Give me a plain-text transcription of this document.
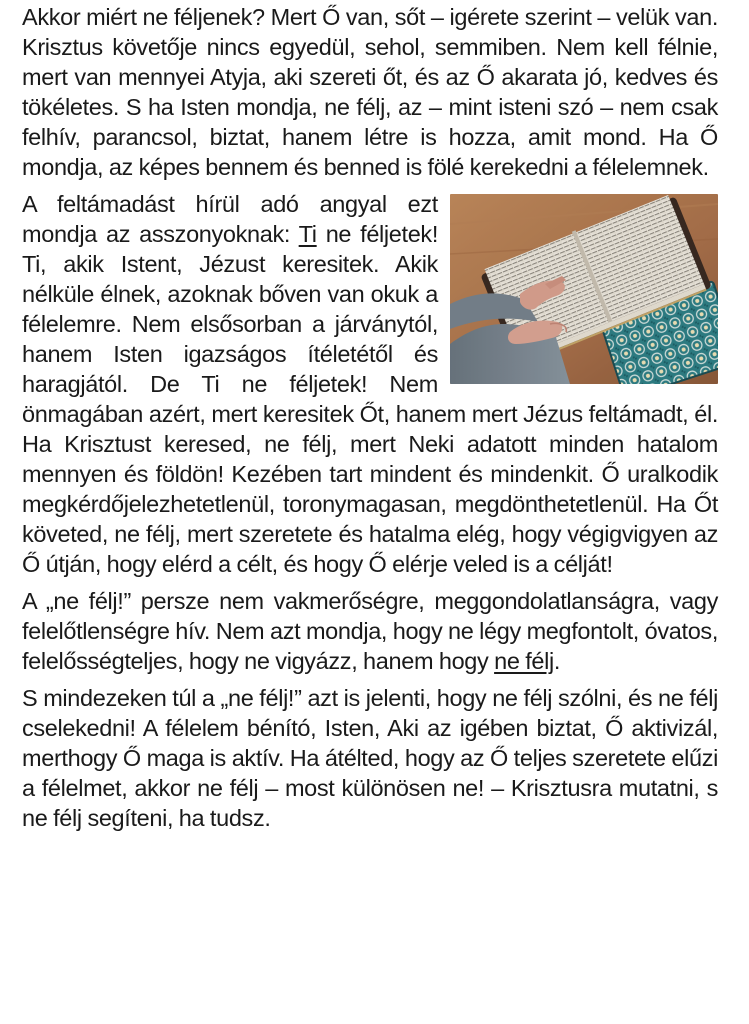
Akkor miért ne féljenek? Mert Ő van, sőt – igérete szerint – velük van. Krisztus követője nincs egyedül, sehol, semmiben. Nem kell félnie, mert van mennyei Atyja, aki szereti őt, és az Ő akarata jó, kedves és tökéletes. S ha Isten mondja, ne félj, az – mint isteni szó – nem csak felhív, parancsol, biztat, hanem létre is hozza, amit mond. Ha Ő mondja, az képes bennem és benned is fölé kerekedni a félelemnek.

A feltámadást hírül adó angyal ezt mondja az asszonyoknak: Ti ne féljetek! Ti, akik Istent, Jézust keresitek. Akik nélküle élnek, azoknak bőven van okuk a félelemre. Nem elsősorban a járványtól, hanem Isten igazságos ítéletétől és haragjától. De Ti ne féljetek! Nem önmagában azért, mert keresitek Őt, hanem mert Jézus feltámadt, él. Ha Krisztust keresed, ne félj, mert Neki adatott minden hatalom mennyen és földön! Kezében tart mindent és mindenkit. Ő uralkodik megkérdőjelezhetetlenül, toronymagasan, megdönthetetlenül. Ha Őt követed, ne félj, mert szeretete és hatalma elég, hogy végigvigyen az Ő útján, hogy elérd a célt, és hogy Ő elérje veled is a célját!

A „ne félj!” persze nem vakmerőségre, meggondolatlanságra, vagy felelőtlenségre hív. Nem azt mondja, hogy ne légy megfontolt, óvatos, felelősségteljes, hogy ne vigyázz, hanem hogy ne félj.

S mindezeken túl a „ne félj!” azt is jelenti, hogy ne félj szólni, és ne félj cselekedni! A félelem bénító, Isten, Aki az igében biztat, Ő aktivizál, merthogy Ő maga is aktív. Ha átélted, hogy az Ő teljes szeretete elűzi a félelmet, akkor ne félj – most különösen ne! – Krisztusra mutatni, s ne félj segíteni, ha tudsz.
